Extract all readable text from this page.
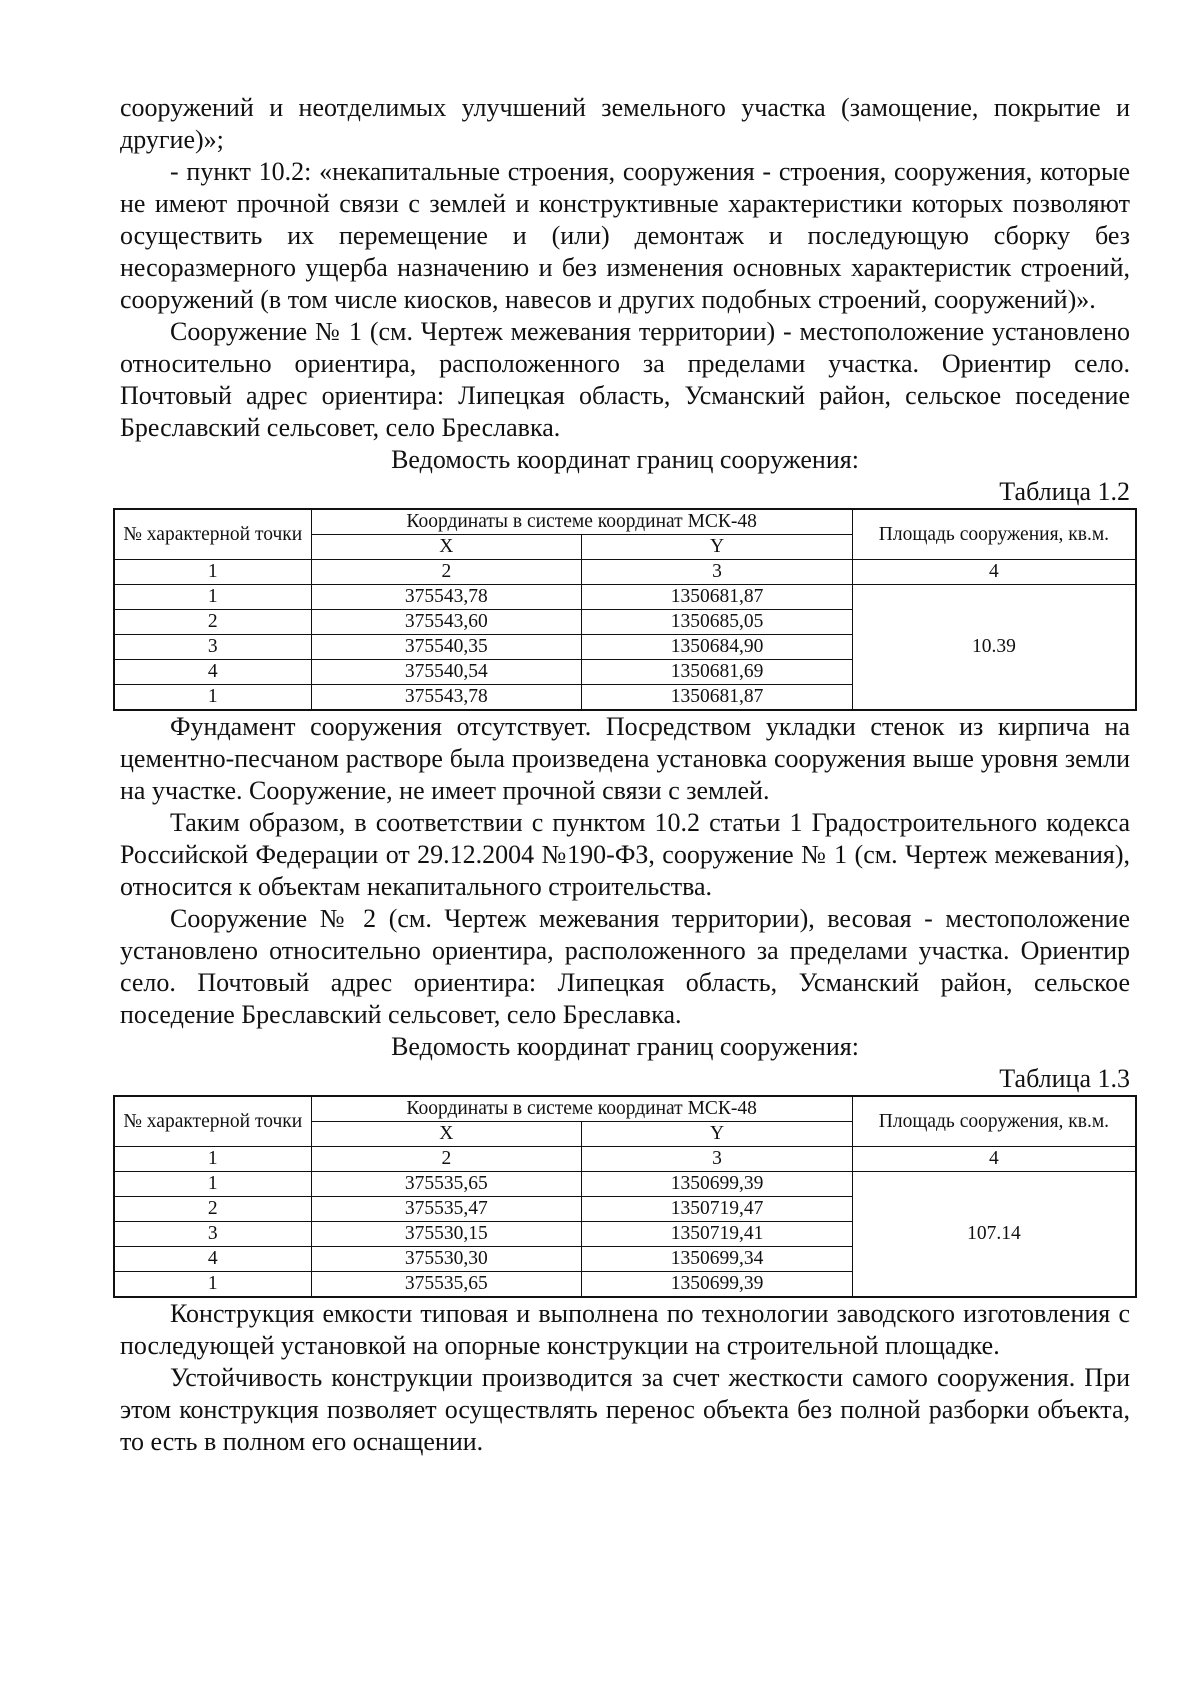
сооружений и неотделимых улучшений земельного участка (замощение, покрытие и другие)»;

- пункт 10.2: «некапитальные строения, сооружения - строения, сооружения, которые не имеют прочной связи с землей и конструктивные характеристики которых позволяют осуществить их перемещение и (или) демонтаж и последующую сборку без несоразмерного ущерба назначению и без изменения основных характеристик строений, сооружений (в том числе киосков, навесов и других подобных строений, сооружений)».

Сооружение № 1 (см. Чертеж межевания территории) - местоположение установлено относительно ориентира, расположенного за пределами участка. Ориентир село. Почтовый адрес ориентира: Липецкая область, Усманский район, сельское поседение Бреславский сельсовет, село Бреславка.

Ведомость координат границ сооружения:

Таблица 1.2

№ характерной точки	Координаты в системе координат МСК-48		Площадь сооружения, кв.м.
	X	Y	
1	2	3	4
1	375543,78	1350681,87	10.39
2	375543,60	1350685,05	
3	375540,35	1350684,90	
4	375540,54	1350681,69	
1	375543,78	1350681,87	

Фундамент сооружения отсутствует. Посредством укладки стенок из кирпича на цементно-песчаном растворе была произведена установка сооружения выше уровня земли на участке. Сооружение, не имеет прочной связи с землей.

Таким образом, в соответствии с пунктом 10.2 статьи 1 Градостроительного кодекса Российской Федерации от 29.12.2004 №190-ФЗ, сооружение № 1 (см. Чертеж межевания), относится к объектам некапитального строительства.

Сооружение № 2 (см. Чертеж межевания территории), весовая - местоположение установлено относительно ориентира, расположенного за пределами участка. Ориентир село. Почтовый адрес ориентира: Липецкая область, Усманский район, сельское поседение Бреславский сельсовет, село Бреславка.

Ведомость координат границ сооружения:

Таблица 1.3

№ характерной точки	Координаты в системе координат МСК-48		Площадь сооружения, кв.м.
	X	Y	
1	2	3	4
1	375535,65	1350699,39	107.14
2	375535,47	1350719,47	
3	375530,15	1350719,41	
4	375530,30	1350699,34	
1	375535,65	1350699,39	

Конструкция емкости типовая и выполнена по технологии заводского изготовления с последующей установкой на опорные конструкции на строительной площадке.

Устойчивость конструкции производится за счет жесткости самого сооружения. При этом конструкция позволяет осуществлять перенос объекта без полной разборки объекта, то есть в полном его оснащении.
